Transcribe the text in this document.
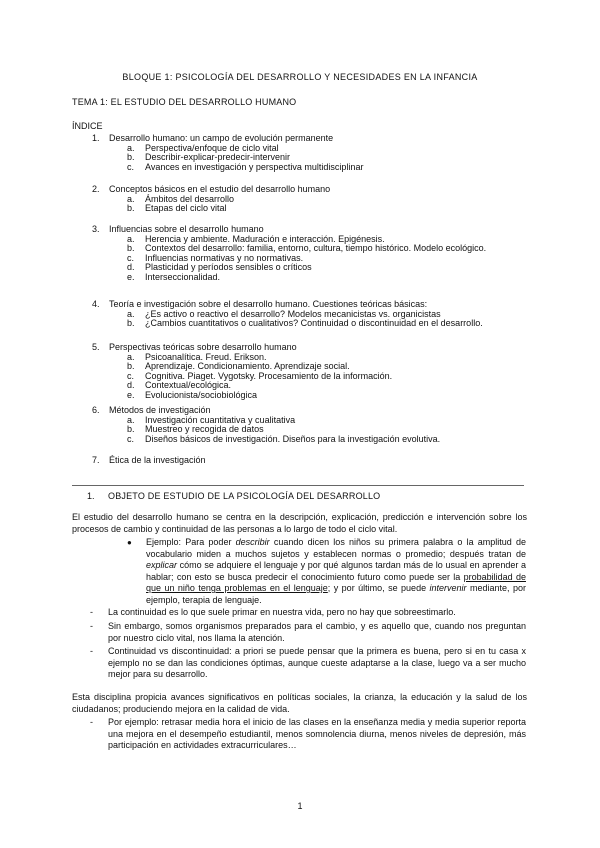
BLOQUE 1: PSICOLOGÍA DEL DESARROLLO Y NECESIDADES EN LA INFANCIA
TEMA 1: EL ESTUDIO DEL DESARROLLO HUMANO
ÍNDICE
1. Desarrollo humano: un campo de evolución permanente
a. Perspectiva/enfoque de ciclo vital
b. Describir-explicar-predecir-intervenir
c. Avances en investigación y perspectiva multidisciplinar
2. Conceptos básicos en el estudio del desarrollo humano
a. Ámbitos del desarrollo
b. Etapas del ciclo vital
3. Influencias sobre el desarrollo humano
a. Herencia y ambiente. Maduración e interacción. Epigénesis.
b. Contextos del desarrollo: familia, entorno, cultura, tiempo histórico. Modelo ecológico.
c. Influencias normativas y no normativas.
d. Plasticidad y períodos sensibles o críticos
e. Interseccionalidad.
4. Teoría e investigación sobre el desarrollo humano. Cuestiones teóricas básicas:
a. ¿Es activo o reactivo el desarrollo? Modelos mecanicistas vs. organicistas
b. ¿Cambios cuantitativos o cualitativos? Continuidad o discontinuidad en el desarrollo.
5. Perspectivas teóricas sobre desarrollo humano
a. Psicoanalítica. Freud. Erikson.
b. Aprendizaje. Condicionamiento. Aprendizaje social.
c. Cognitiva. Piaget. Vygotsky. Procesamiento de la información.
d. Contextual/ecológica.
e. Evolucionista/sociobiológica
6. Métodos de investigación
a. Investigación cuantitativa y cualitativa
b. Muestreo y recogida de datos
c. Diseños básicos de investigación. Diseños para la investigación evolutiva.
7. Ética de la investigación
1. OBJETO DE ESTUDIO DE LA PSICOLOGÍA DEL DESARROLLO
El estudio del desarrollo humano se centra en la descripción, explicación, predicción e intervención sobre los procesos de cambio y continuidad de las personas a lo largo de todo el ciclo vital.
● Ejemplo: Para poder describir cuando dicen los niños su primera palabra o la amplitud de vocabulario miden a muchos sujetos y establecen normas o promedio; después tratan de explicar cómo se adquiere el lenguaje y por qué algunos tardan más de lo usual en aprender a hablar; con esto se busca predecir el conocimiento futuro como puede ser la probabilidad de que un niño tenga problemas en el lenguaje; y por último, se puede intervenir mediante, por ejemplo, terapia de lenguaje.
- La continuidad es lo que suele primar en nuestra vida, pero no hay que sobreestimarlo.
- Sin embargo, somos organismos preparados para el cambio, y es aquello que, cuando nos preguntan por nuestro ciclo vital, nos llama la atención.
- Continuidad vs discontinuidad: a priori se puede pensar que la primera es buena, pero si en tu casa x ejemplo no se dan las condiciones óptimas, aunque cueste adaptarse a la clase, luego va a ser mucho mejor para su desarrollo.
Esta disciplina propicia avances significativos en políticas sociales, la crianza, la educación y la salud de los ciudadanos; produciendo mejora en la calidad de vida.
- Por ejemplo: retrasar media hora el inicio de las clases en la enseñanza media y media superior reporta una mejora en el desempeño estudiantil, menos somnolencia diurna, menos niveles de depresión, más participación en actividades extracurriculares…
1
